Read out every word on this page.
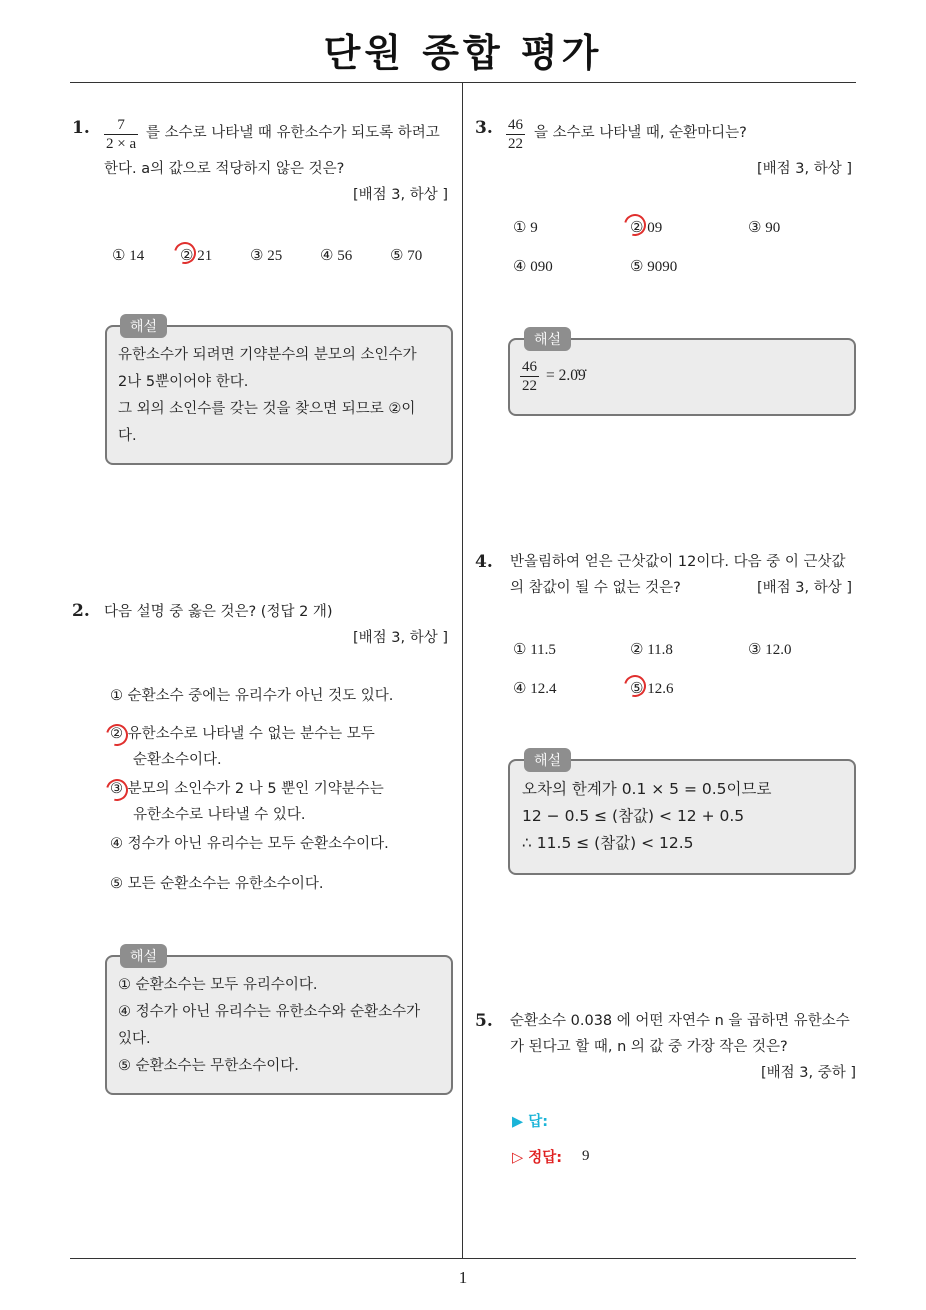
단원 종합 평가
1
1. $\frac{7}{2 \times a}$ 를 소수로 나타낼 때 유한소수가 되도록 하려고
한다. a의 값으로 적당하지 않은 것은?
[배점 3, 하상 ]
① 14 ② 21	③ 25	④ 56	⑤ 70
해설
유한소수가 되려면 기약분수의 분모의 소인수가
2나 5뿐이어야 한다.
그 외의 소인수를 갖는 것을 찾으면 되므로 ②이
다.
2. 다음 설명 중 옳은 것은? (정답 2 개)
[배점 3, 하상 ]
① 순환소수 중에는 유리수가 아닌 것도 있다.
② 유한소수로 나타낼 수 없는 분수는 모두
순환소수이다.
③ 분모의 소인수가 2 나 5 뿐인 기약분수는
유한소수로 나타낼 수 있다.
④ 정수가 아닌 유리수는 모두 순환소수이다.
⑤ 모든 순환소수는 유한소수이다.
해설
① 순환소수는 모두 유리수이다.
④ 정수가 아닌 유리수는 유한소수와 순환소수가
있다.
⑤ 순환소수는 무한소수이다.
3. $\frac{46}{22}$ 을 소수로 나타낼 때, 순환마디는?
[배점 3, 하상 ]
① 9	② 09	③ 90
④ 090	⑤ 9090
해설
$\frac{46}{22}$ = 2.0̇9̇
4. 반올림하여 얻은 근삿값이 12이다. 다음 중 이 근삿값
의 참값이 될 수 없는 것은?	[배점 3, 하상 ]
① 11.5	② 11.8	③ 12.0
④ 12.4	⑤ 12.6
해설
오차의 한계가 0.1 × 5 = 0.5이므로
12 − 0.5 ≤ (참값) < 12 + 0.5
∴ 11.5 ≤ (참값) < 12.5
5. 순환소수 0.03̇8̇ 에 어떤 자연수 n 을 곱하면 유한소수
가 된다고 할 때, n 의 값 중 가장 작은 것은?
[배점 3, 중하 ]
▶ 답:
▷ 정답: 9
